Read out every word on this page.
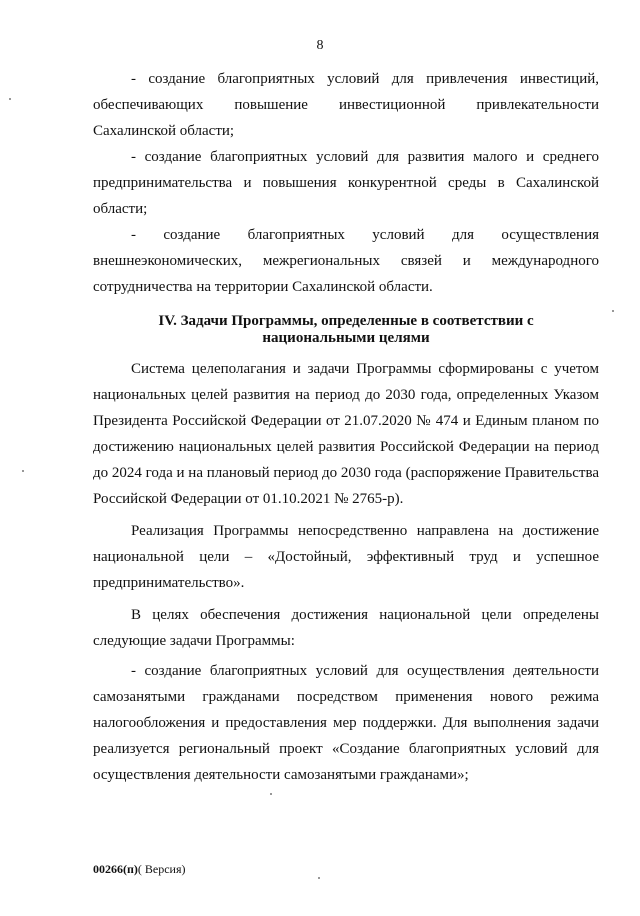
8

- создание благоприятных условий для привлечения инвестиций, обеспечивающих повышение инвестиционной привлекательности Сахалинской области;

- создание благоприятных условий для развития малого и среднего предпринимательства и повышения конкурентной среды в Сахалинской области;

- создание благоприятных условий для осуществления внешнеэкономических, межрегиональных связей и международного сотрудничества на территории Сахалинской области.

IV. Задачи Программы, определенные в соответствии с национальными целями

Система целеполагания и задачи Программы сформированы с учетом национальных целей развития на период до 2030 года, определенных Указом Президента Российской Федерации от 21.07.2020 № 474 и Единым планом по достижению национальных целей развития Российской Федерации на период до 2024 года и на плановый период до 2030 года (распоряжение Правительства Российской Федерации от 01.10.2021 № 2765-р).

Реализация Программы непосредственно направлена на достижение национальной цели – «Достойный, эффективный труд и успешное предпринимательство».

В целях обеспечения достижения национальной цели определены следующие задачи Программы:

- создание благоприятных условий для осуществления деятельности самозанятыми гражданами посредством применения нового режима налогообложения и предоставления мер поддержки. Для выполнения задачи реализуется региональный проект «Создание благоприятных условий для осуществления деятельности самозанятыми гражданами»;

00266(п)( Версия)
